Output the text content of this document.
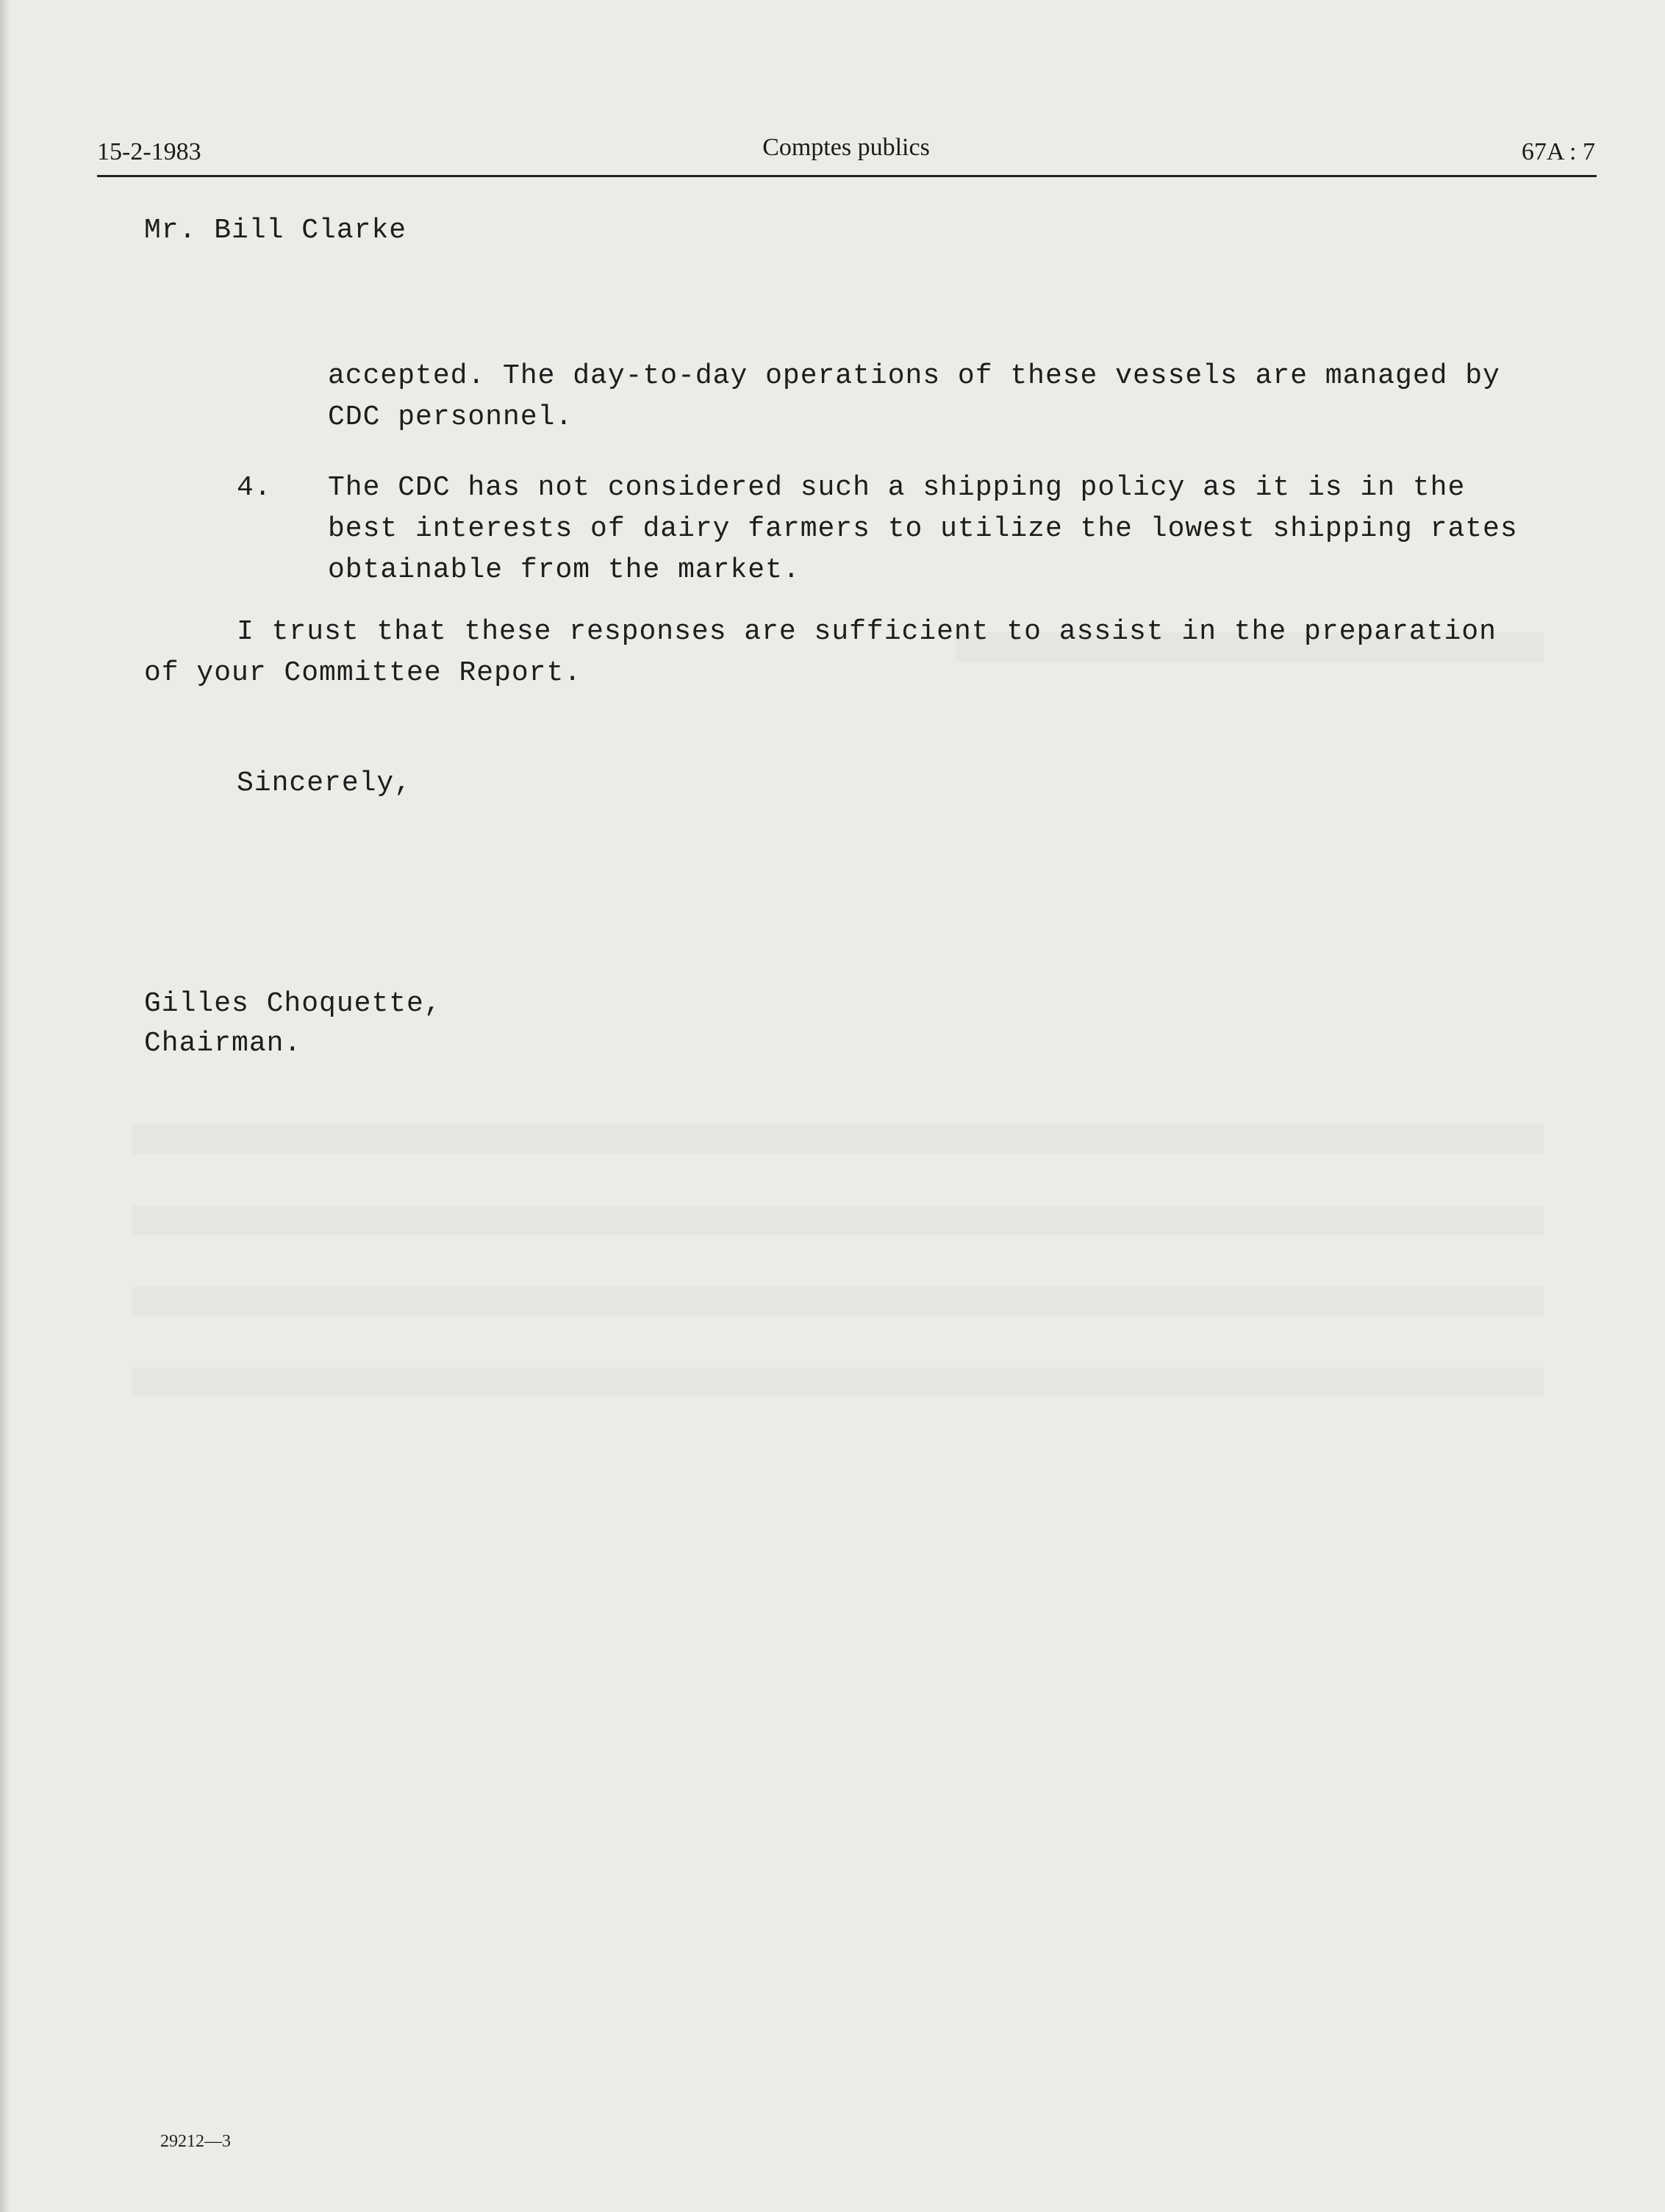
15-2-1983	Comptes publics	67A : 7
Mr. Bill Clarke

accepted. The day-to-day operations of these vessels are managed by

CDC personnel.

4. The CDC has not considered such a shipping policy as it is in the

best interests of dairy farmers to utilize the lowest shipping rates

obtainable from the market.

I trust that these responses are sufficient to assist in the preparation

of your Committee Report.

Sincerely,
Gilles Choquette,
Chairman.
29212—3
